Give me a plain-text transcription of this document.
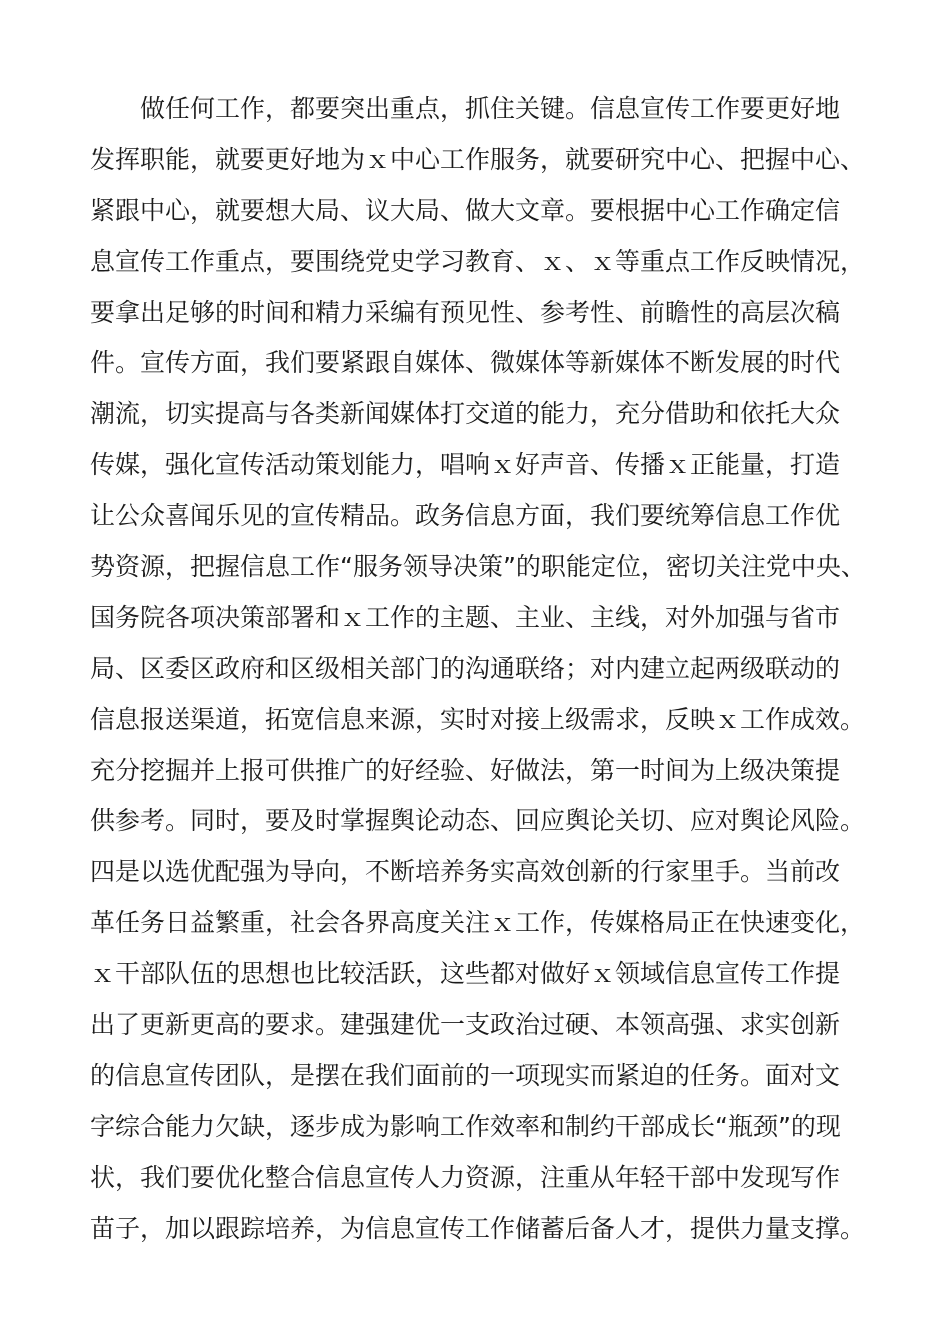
做任何工作，都要突出重点，抓住关键。信息宣传工作要更好地
发挥职能，就要更好地为ｘ中心工作服务，就要研究中心、把握中心、
紧跟中心，就要想大局、议大局、做大文章。要根据中心工作确定信
息宣传工作重点，要围绕党史学习教育、ｘ、ｘ等重点工作反映情况，
要拿出足够的时间和精力采编有预见性、参考性、前瞻性的高层次稿
件。宣传方面，我们要紧跟自媒体、微媒体等新媒体不断发展的时代
潮流，切实提高与各类新闻媒体打交道的能力，充分借助和依托大众
传媒，强化宣传活动策划能力，唱响ｘ好声音、传播ｘ正能量，打造
让公众喜闻乐见的宣传精品。政务信息方面，我们要统筹信息工作优
势资源，把握信息工作“服务领导决策”的职能定位，密切关注党中央、
国务院各项决策部署和ｘ工作的主题、主业、主线，对外加强与省市
局、区委区政府和区级相关部门的沟通联络；对内建立起两级联动的
信息报送渠道，拓宽信息来源，实时对接上级需求，反映ｘ工作成效。
充分挖掘并上报可供推广的好经验、好做法，第一时间为上级决策提
供参考。同时，要及时掌握舆论动态、回应舆论关切、应对舆论风险。
四是以选优配强为导向，不断培养务实高效创新的行家里手。当前改
革任务日益繁重，社会各界高度关注ｘ工作，传媒格局正在快速变化，
ｘ干部队伍的思想也比较活跃，这些都对做好ｘ领域信息宣传工作提
出了更新更高的要求。建强建优一支政治过硬、本领高强、求实创新
的信息宣传团队，是摆在我们面前的一项现实而紧迫的任务。面对文
字综合能力欠缺，逐步成为影响工作效率和制约干部成长“瓶颈”的现
状，我们要优化整合信息宣传人力资源，注重从年轻干部中发现写作
苗子，加以跟踪培养，为信息宣传工作储蓄后备人才，提供力量支撑。
